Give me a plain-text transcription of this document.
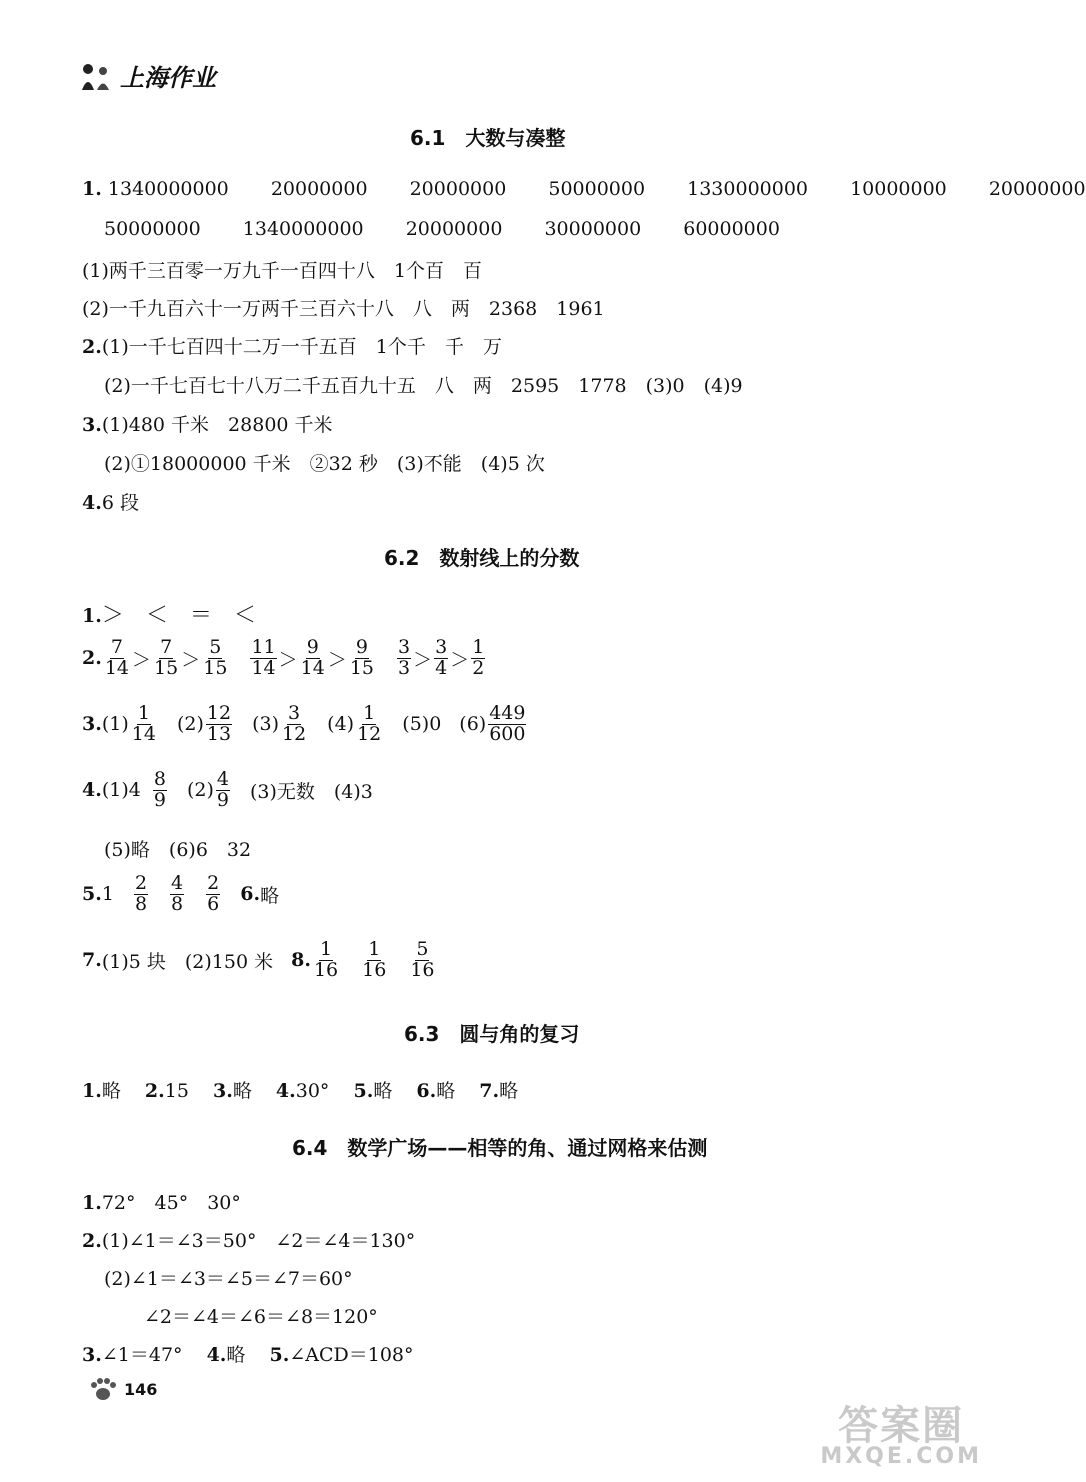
上海作业
6.1　大数与凑整
1. 1340000000 20000000 20000000 50000000 1330000000 10000000 20000000
50000000 1340000000 20000000 30000000 60000000
(1)两千三百零一万九千一百四十八　1个百　百
(2)一千九百六十一万两千三百六十八　八　两　2368　1961
2.(1)一千七百四十二万一千五百　1个千　千　万
(2)一千七百七十八万二千五百九十五　八　两　2595　1778　(3)0　(4)9
3.(1)480 千米　28800 千米
(2)①18000000 千米　②32 秒　(3)不能　(4)5 次
4.6 段
6.2　数射线上的分数
1.＞　＜　＝　＜
2. $\frac{7}{14} > \frac{7}{15} > \frac{5}{15} \frac{11}{14} > \frac{9}{14} > \frac{9}{15} \frac{3}{3} > \frac{3}{4} > \frac{1}{2}$
3. $(1) \frac{1}{14} (2) \frac{12}{13} (3) \frac{3}{12} (4) \frac{1}{12} (5)0$ $(6) \frac{449}{600}$
4. $(1)4 \frac{8}{9} (2) \frac{4}{9} (3)$无数　(4)3
(5)略　(6)6　32
5. $1 \frac{2}{8} \frac{4}{8} \frac{2}{6} 6$. 略
7. (1)5 块　(2)150 米 8. $\frac{1}{16} \frac{1}{16} \frac{5}{16}$
6.3　圆与角的复习
1.略 2.15 3.略 4.30° 5.略 6.略 7.略
6.4　数学广场——相等的角、通过网格来估测
1.72°　45°　30°
2.(1)∠1＝∠3＝50°　∠2＝∠4＝130°
(2)∠1＝∠3＝∠5＝∠7＝60°
∠2＝∠4＝∠6＝∠8＝120°
3.∠1＝47° 4.略 5.∠ACD＝108°
146
答案圈
MXQE.COM
